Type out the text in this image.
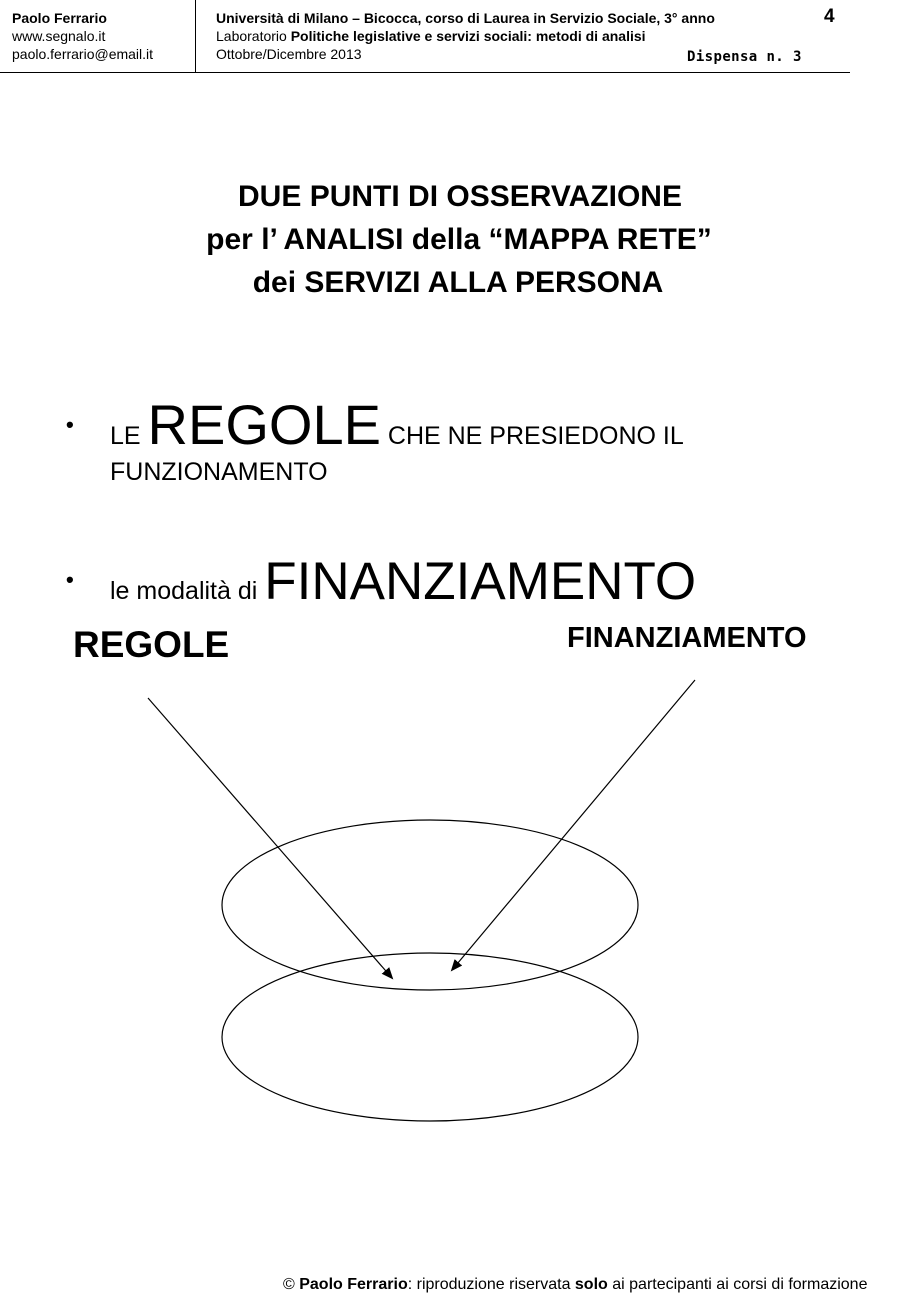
Paolo Ferrario
www.segnalo.it
paolo.ferrario@email.it
Università di Milano – Bicocca, corso di Laurea in Servizio Sociale, 3° anno
Laboratorio Politiche legislative e servizi sociali: metodi di analisi
Ottobre/Dicembre 2013
4
Dispensa n. 3
DUE PUNTI DI OSSERVAZIONE
per l’ ANALISI della “MAPPA RETE”
dei SERVIZI ALLA PERSONA
• LE REGOLE CHE NE PRESIEDONO IL
FUNZIONAMENTO
• le modalità di FINANZIAMENTO
REGOLE	FINANZIAMENTO
© Paolo Ferrario: riproduzione riservata solo ai partecipanti ai corsi di formazione
